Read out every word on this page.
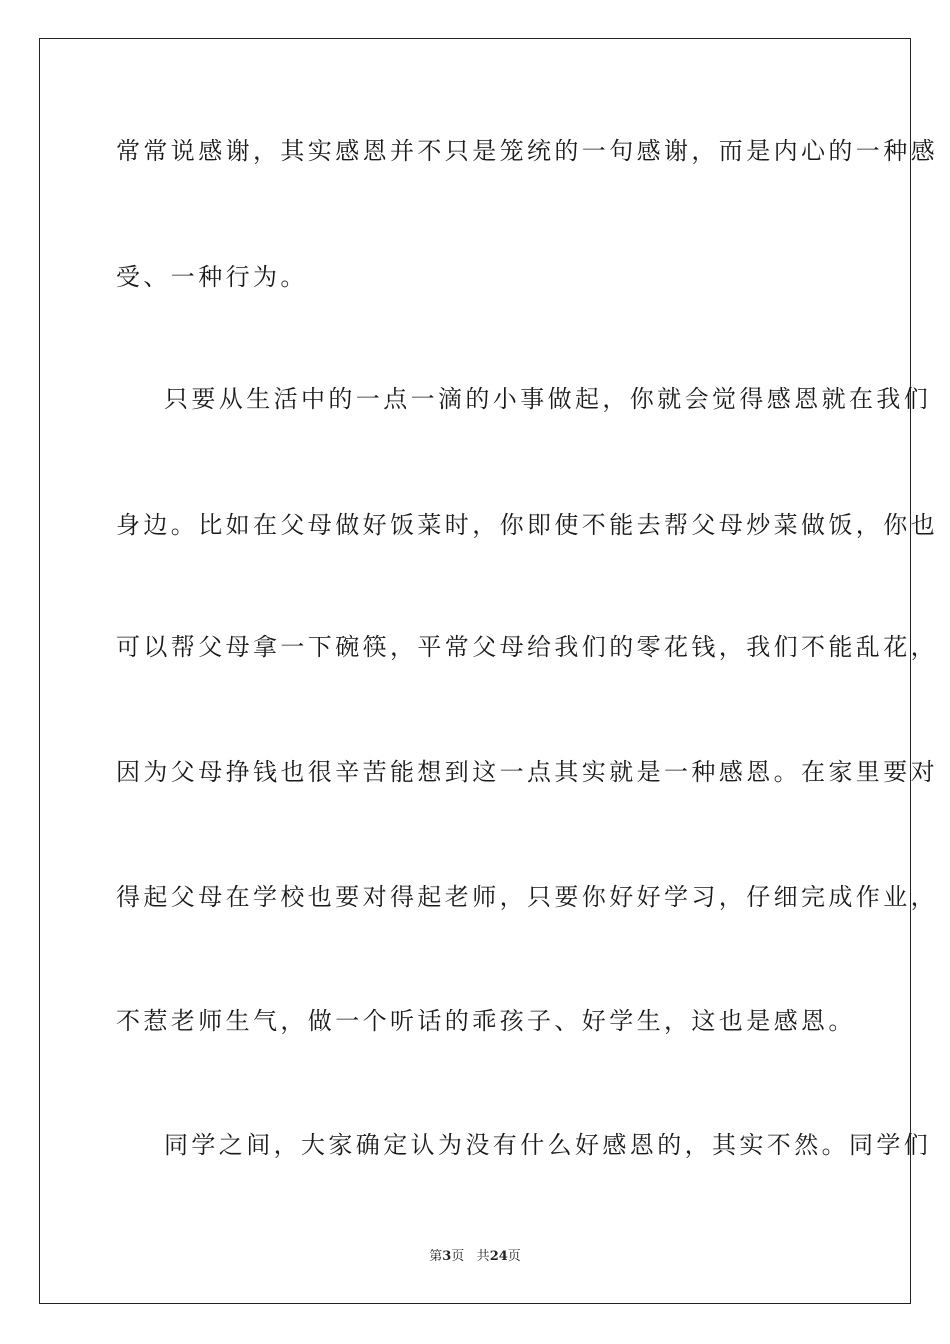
常常说感谢，其实感恩并不只是笼统的一句感谢，而是内心的一种感

受、一种行为。

只要从生活中的一点一滴的小事做起，你就会觉得感恩就在我们

身边。比如在父母做好饭菜时，你即使不能去帮父母炒菜做饭，你也

可以帮父母拿一下碗筷，平常父母给我们的零花钱，我们不能乱花，

因为父母挣钱也很辛苦能想到这一点其实就是一种感恩。在家里要对

得起父母在学校也要对得起老师，只要你好好学习，仔细完成作业，

不惹老师生气，做一个听话的乖孩子、好学生，这也是感恩。

同学之间，大家确定认为没有什么好感恩的，其实不然。同学们

第3页 共24页
